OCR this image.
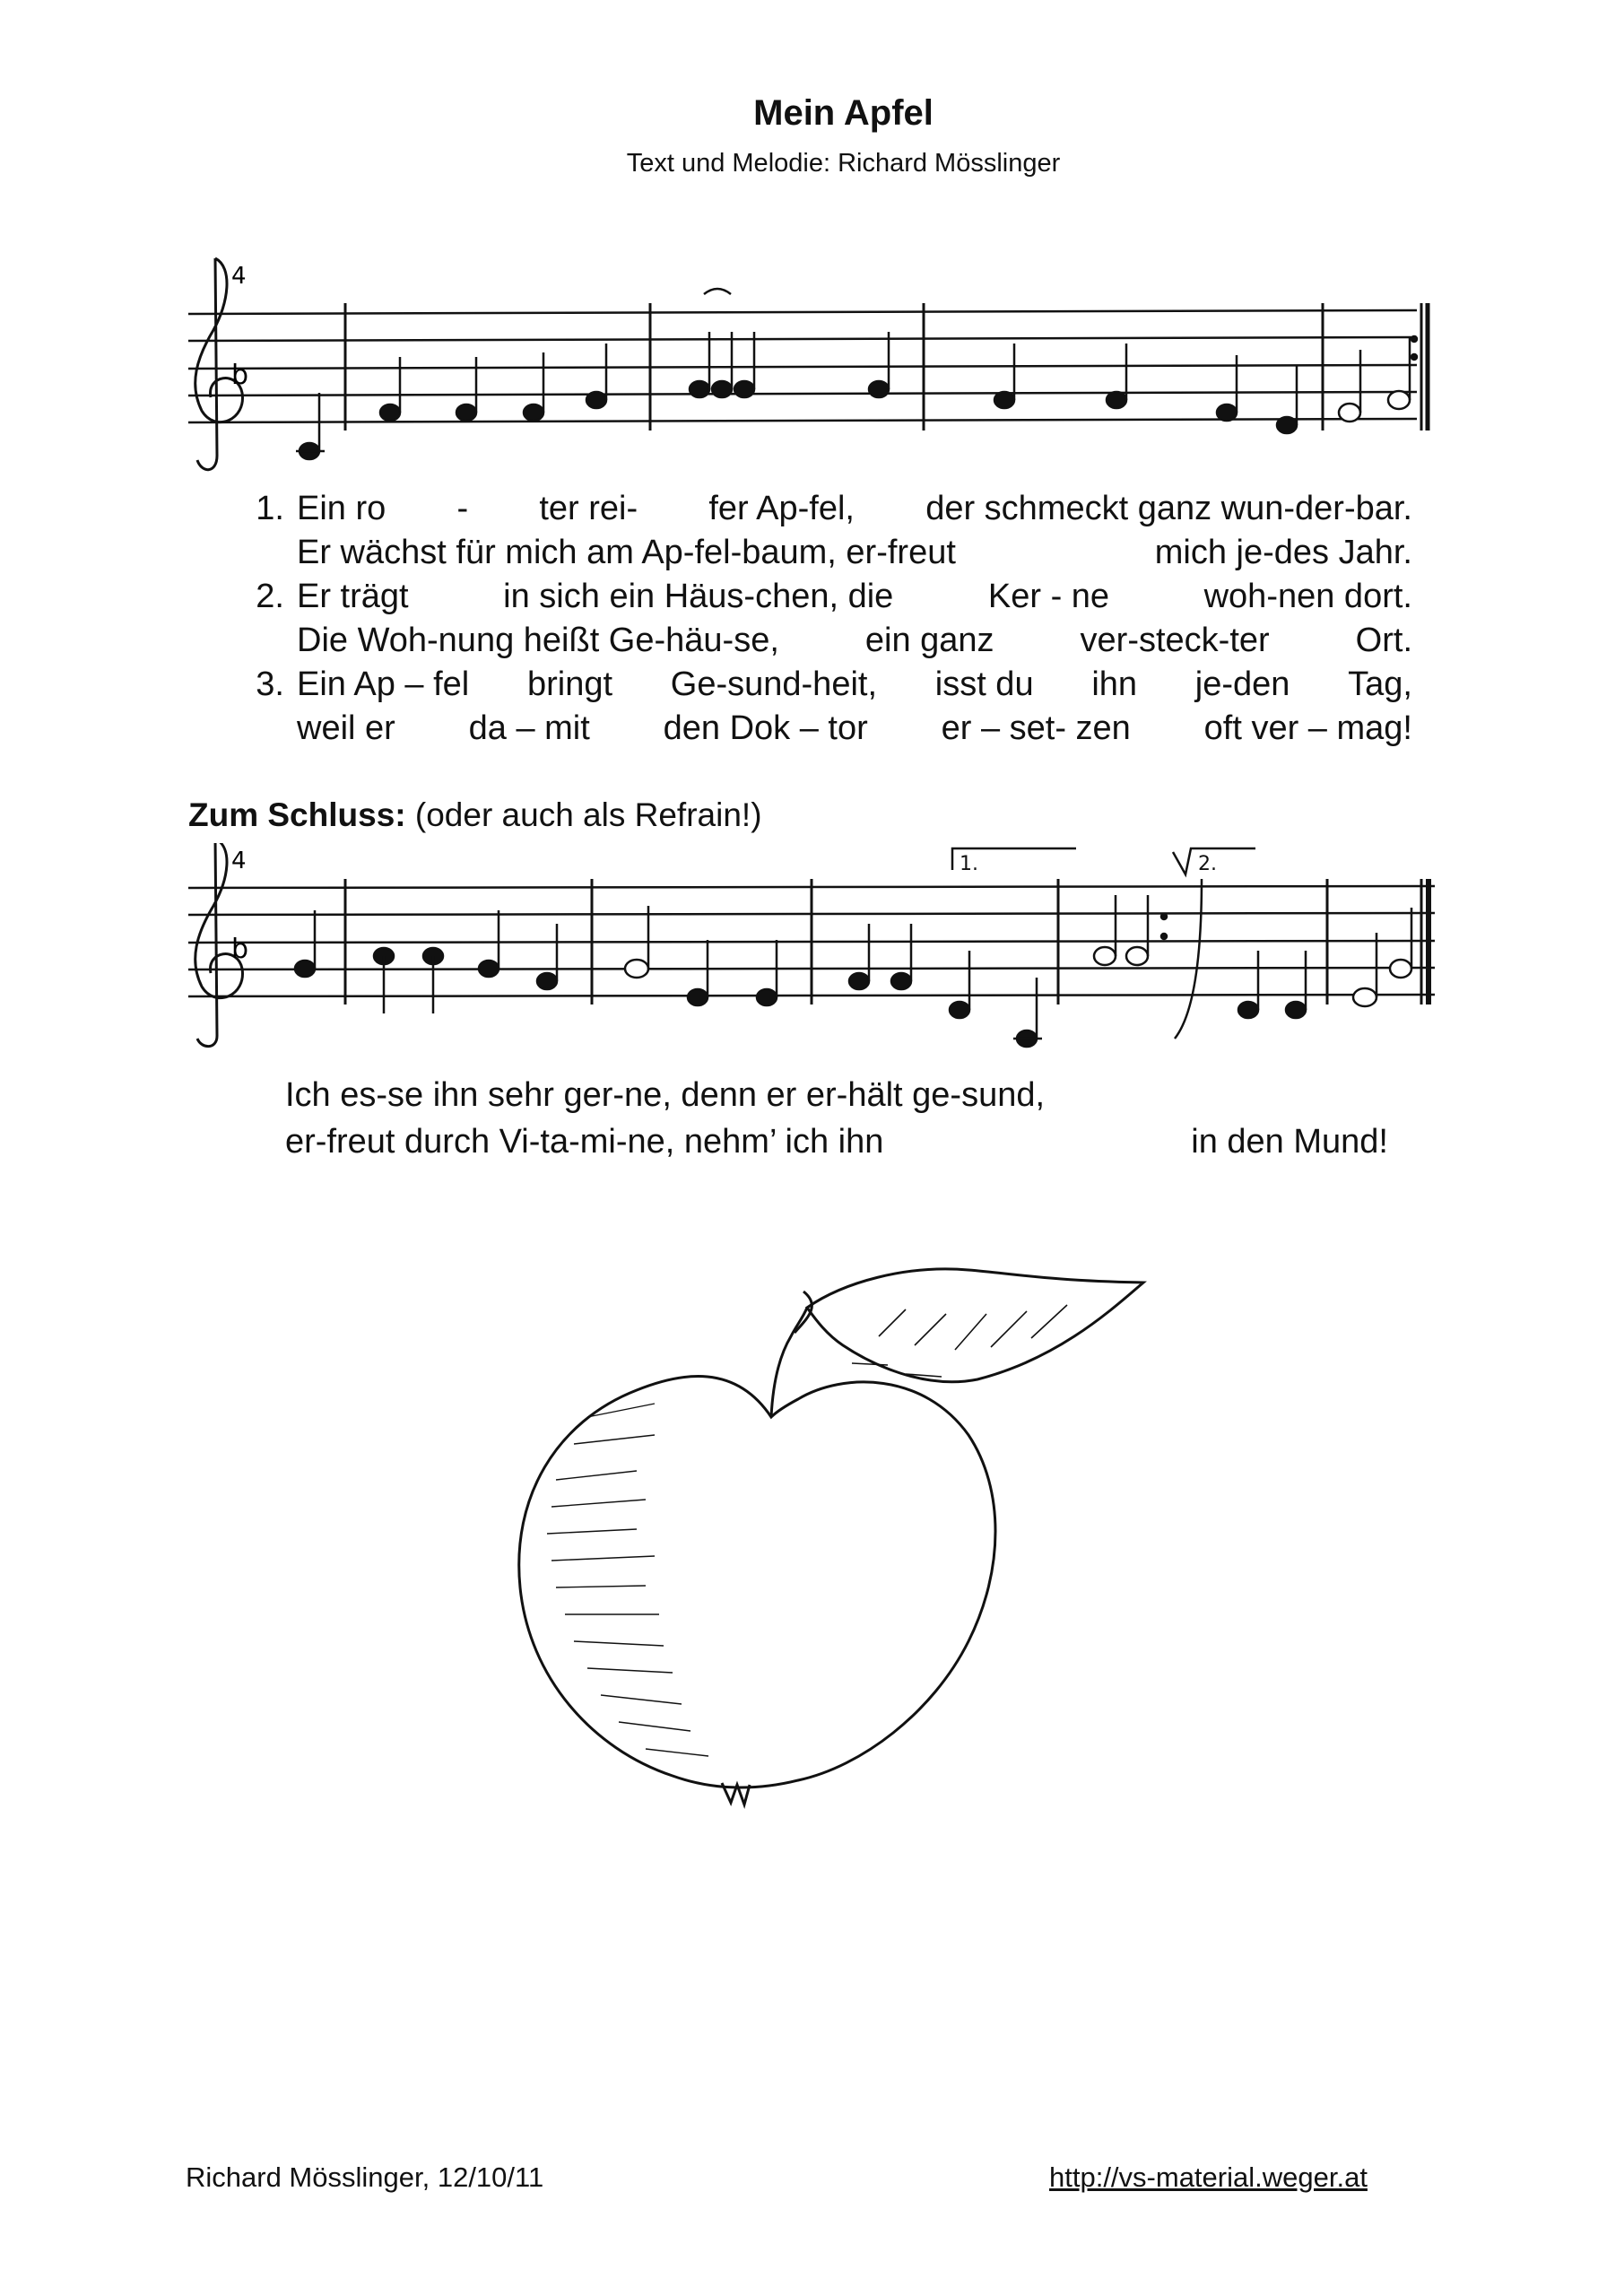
Mein Apfel
Text und Melodie: Richard Mösslinger
4
b
1. Ein ro - ter rei- fer Ap-fel, der schmeckt ganz wun-der-bar.
Er wächst für mich am Ap-fel-baum, er-freut	mich je-des Jahr.
2. Er trägt	in sich ein Häus-chen, die	Ker - ne	woh-nen dort.
Die Woh-nung heißt Ge-häu-se,	ein ganz	ver-steck-ter	Ort.
3. Ein Ap – fel bringt Ge-sund-heit, isst du ihn je-den Tag,
weil er da – mit den Dok – tor er – set- zen oft ver – mag!
Zum Schluss: (oder auch als Refrain!)
4
b
1.	2.
Ich es-se ihn sehr ger-ne, denn er er-hält ge-sund,
er-freut durch Vi-ta-mi-ne, nehm’ ich ihn	in den Mund!
Richard Mösslinger, 12/10/11	http://vs-material.weger.at
